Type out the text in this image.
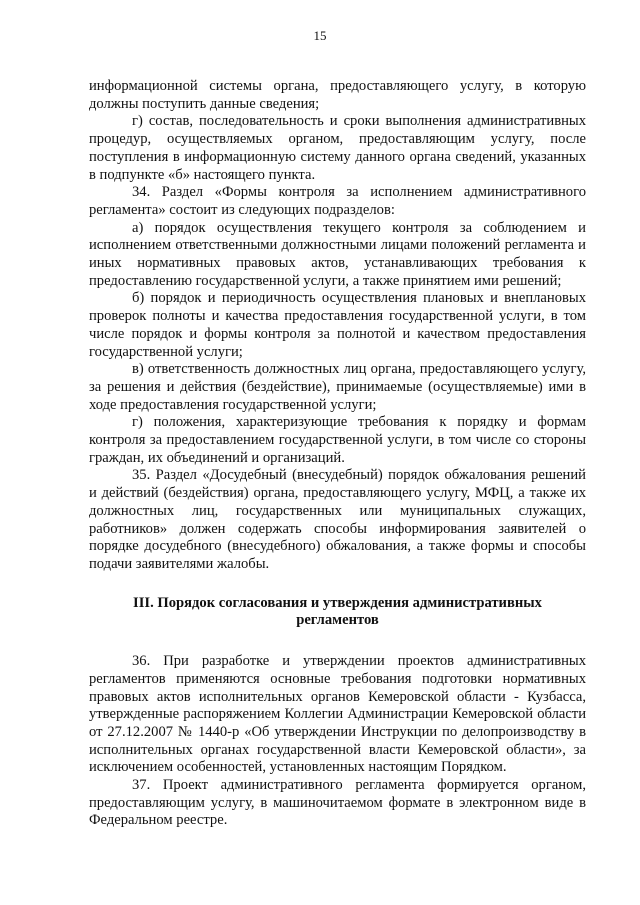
15

информационной системы органа, предоставляющего услугу, в которую должны поступить данные сведения;

г) состав, последовательность и сроки выполнения административных процедур, осуществляемых органом, предоставляющим услугу, после поступления в информационную систему данного органа сведений, указанных в подпункте «б» настоящего пункта.

34. Раздел «Формы контроля за исполнением административного регламента» состоит из следующих подразделов:

а) порядок осуществления текущего контроля за соблюдением и исполнением ответственными должностными лицами положений регламента и иных нормативных правовых актов, устанавливающих требования к предоставлению государственной услуги, а также принятием ими решений;

б) порядок и периодичность осуществления плановых и внеплановых проверок полноты и качества предоставления государственной услуги, в том числе порядок и формы контроля за полнотой и качеством предоставления государственной услуги;

в) ответственность должностных лиц органа, предоставляющего услугу, за решения и действия (бездействие), принимаемые (осуществляемые) ими в ходе предоставления государственной услуги;

г) положения, характеризующие требования к порядку и формам контроля за предоставлением государственной услуги, в том числе со стороны граждан, их объединений и организаций.

35. Раздел «Досудебный (внесудебный) порядок обжалования решений и действий (бездействия) органа, предоставляющего услугу, МФЦ, а также их должностных лиц, государственных или муниципальных служащих, работников» должен содержать способы информирования заявителей о порядке досудебного (внесудебного) обжалования, а также формы и способы подачи заявителями жалобы.

III. Порядок согласования и утверждения административных
регламентов

36. При разработке и утверждении проектов административных регламентов применяются основные требования подготовки нормативных правовых актов исполнительных органов Кемеровской области - Кузбасса, утвержденные распоряжением Коллегии Администрации Кемеровской области от 27.12.2007 № 1440-р «Об утверждении Инструкции по делопроизводству в исполнительных органах государственной власти Кемеровской области», за исключением особенностей, установленных настоящим Порядком.

37. Проект административного регламента формируется органом, предоставляющим услугу, в машиночитаемом формате в электронном виде в Федеральном реестре.
